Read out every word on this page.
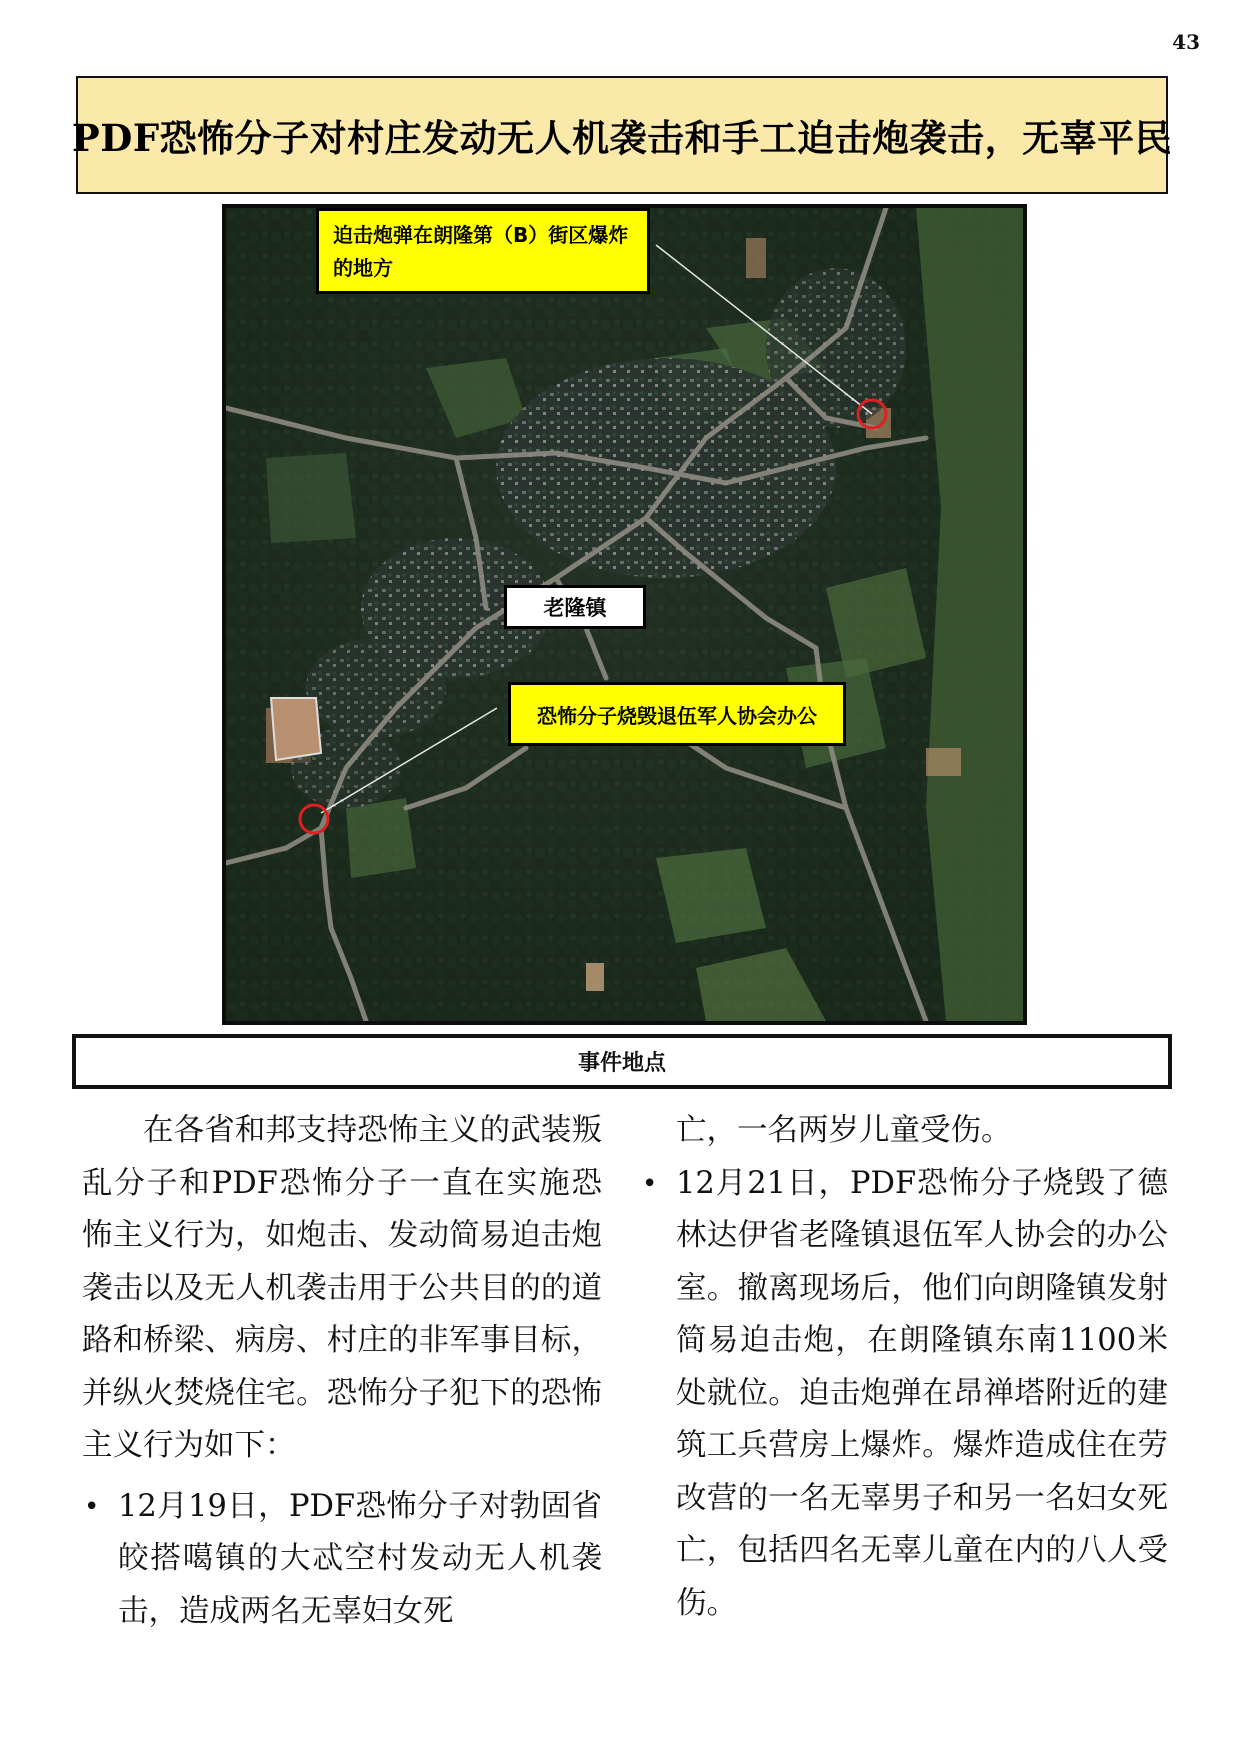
43
PDF恐怖分子对村庄发动无人机袭击和手工迫击炮袭击，无辜平民
迫击炮弹在朗隆第（B）街区爆炸的地方
老隆镇
恐怖分子烧毁退伍军人协会办公
事件地点

在各省和邦支持恐怖主义的武装叛乱分子和PDF恐怖分子一直在实施恐怖主义行为，如炮击、发动简易迫击炮袭击以及无人机袭击用于公共目的的道路和桥梁、病房、村庄的非军事目标，并纵火焚烧住宅。恐怖分子犯下的恐怖主义行为如下：

• 12月19日，PDF恐怖分子对勃固省皎搭噶镇的大忒空村发动无人机袭击，造成两名无辜妇女死

亡，一名两岁儿童受伤。

• 12月21日，PDF恐怖分子烧毁了德林达伊省老隆镇退伍军人协会的办公室。撤离现场后，他们向朗隆镇发射简易迫击炮，在朗隆镇东南1100米处就位。迫击炮弹在昂禅塔附近的建筑工兵营房上爆炸。爆炸造成住在劳改营的一名无辜男子和另一名妇女死亡，包括四名无辜儿童在内的八人受伤。
